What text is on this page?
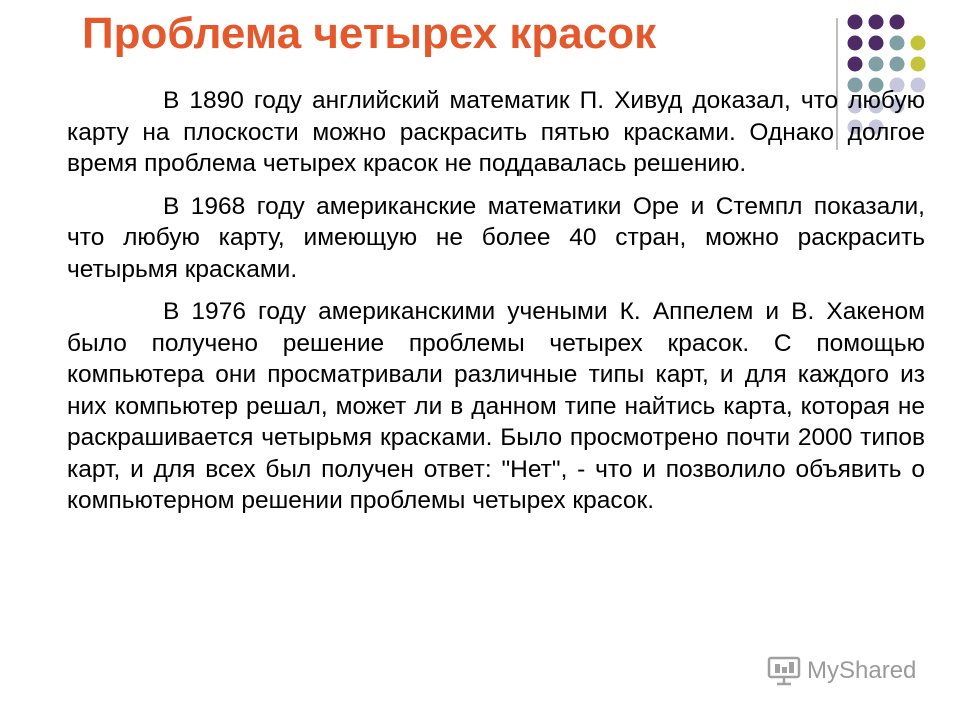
Проблема четырех красок

В 1890 году английский математик П. Хивуд доказал, что любую карту на плоскости можно раскрасить пятью красками. Однако долгое время проблема четырех красок не поддавалась решению.

В 1968 году американские математики Оре и Стемпл показали, что любую карту, имеющую не более 40 стран, можно раскрасить четырьмя красками.

В 1976 году американскими учеными К. Аппелем и В. Хакеном было получено решение проблемы четырех красок. С помощью компьютера они просматривали различные типы карт, и для каждого из них компьютер решал, может ли в данном типе найтись карта, которая не раскрашивается четырьмя красками. Было просмотрено почти 2000 типов карт, и для всех был получен ответ: "Нет", - что и позволило объявить о компьютерном решении проблемы четырех красок.

MyShared
